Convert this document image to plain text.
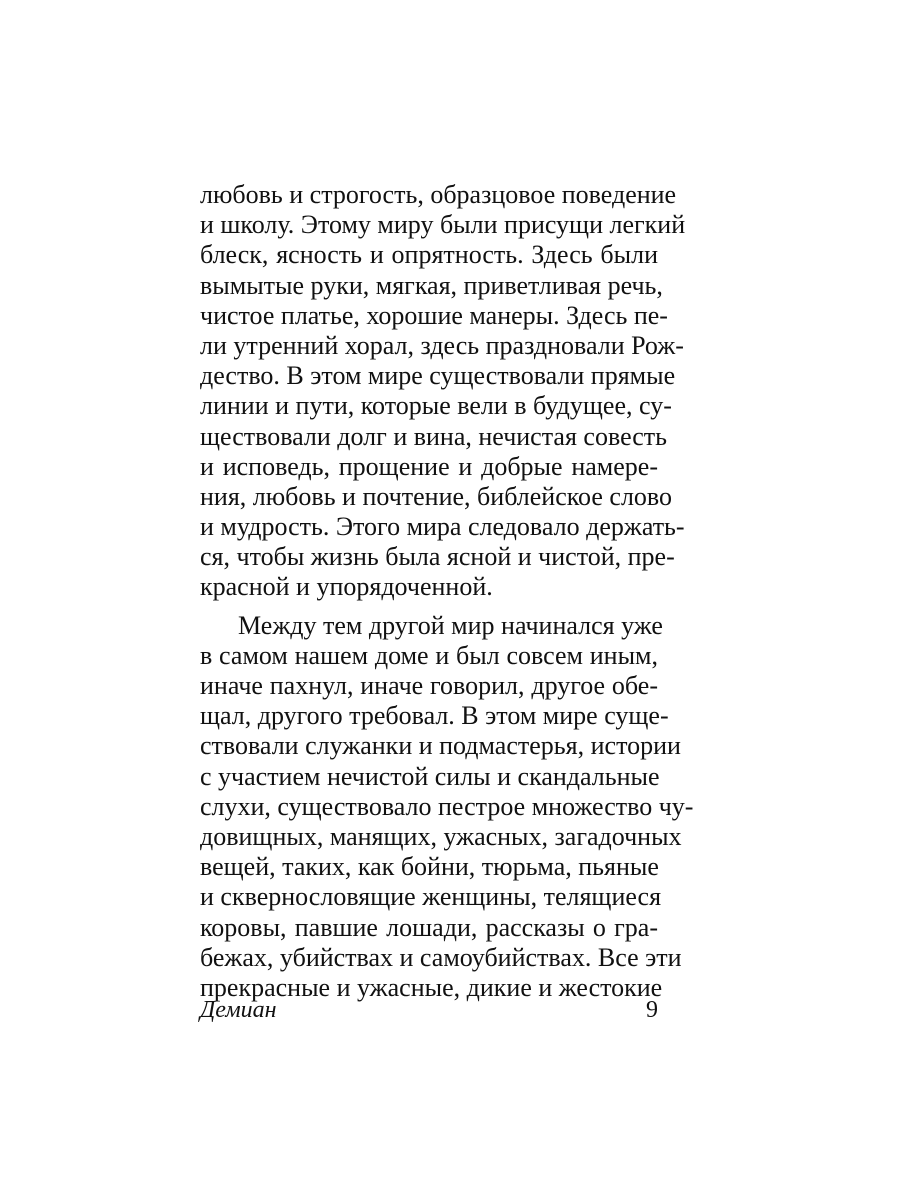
любовь и строгость, образцовое поведение
и школу. Этому миру были присущи легкий
блеск, ясность и опрятность. Здесь были
вымытые руки, мягкая, приветливая речь,
чистое платье, хорошие манеры. Здесь пе-
ли утренний хорал, здесь праздновали Рож-
дество. В этом мире существовали прямые
линии и пути, которые вели в будущее, су-
ществовали долг и вина, нечистая совесть
и исповедь, прощение и добрые намере-
ния, любовь и почтение, библейское слово
и мудрость. Этого мира следовало держать-
ся, чтобы жизнь была ясной и чистой, пре-
красной и упорядоченной.
Между тем другой мир начинался уже
в самом нашем доме и был совсем иным,
иначе пахнул, иначе говорил, другое обе-
щал, другого требовал. В этом мире суще-
ствовали служанки и подмастерья, истории
с участием нечистой силы и скандальные
слухи, существовало пестрое множество чу-
довищных, манящих, ужасных, загадочных
вещей, таких, как бойни, тюрьма, пьяные
и сквернословящие женщины, телящиеся
коровы, павшие лошади, рассказы о гра-
бежах, убийствах и самоубийствах. Все эти
прекрасные и ужасные, дикие и жестокие
Демиан	9
